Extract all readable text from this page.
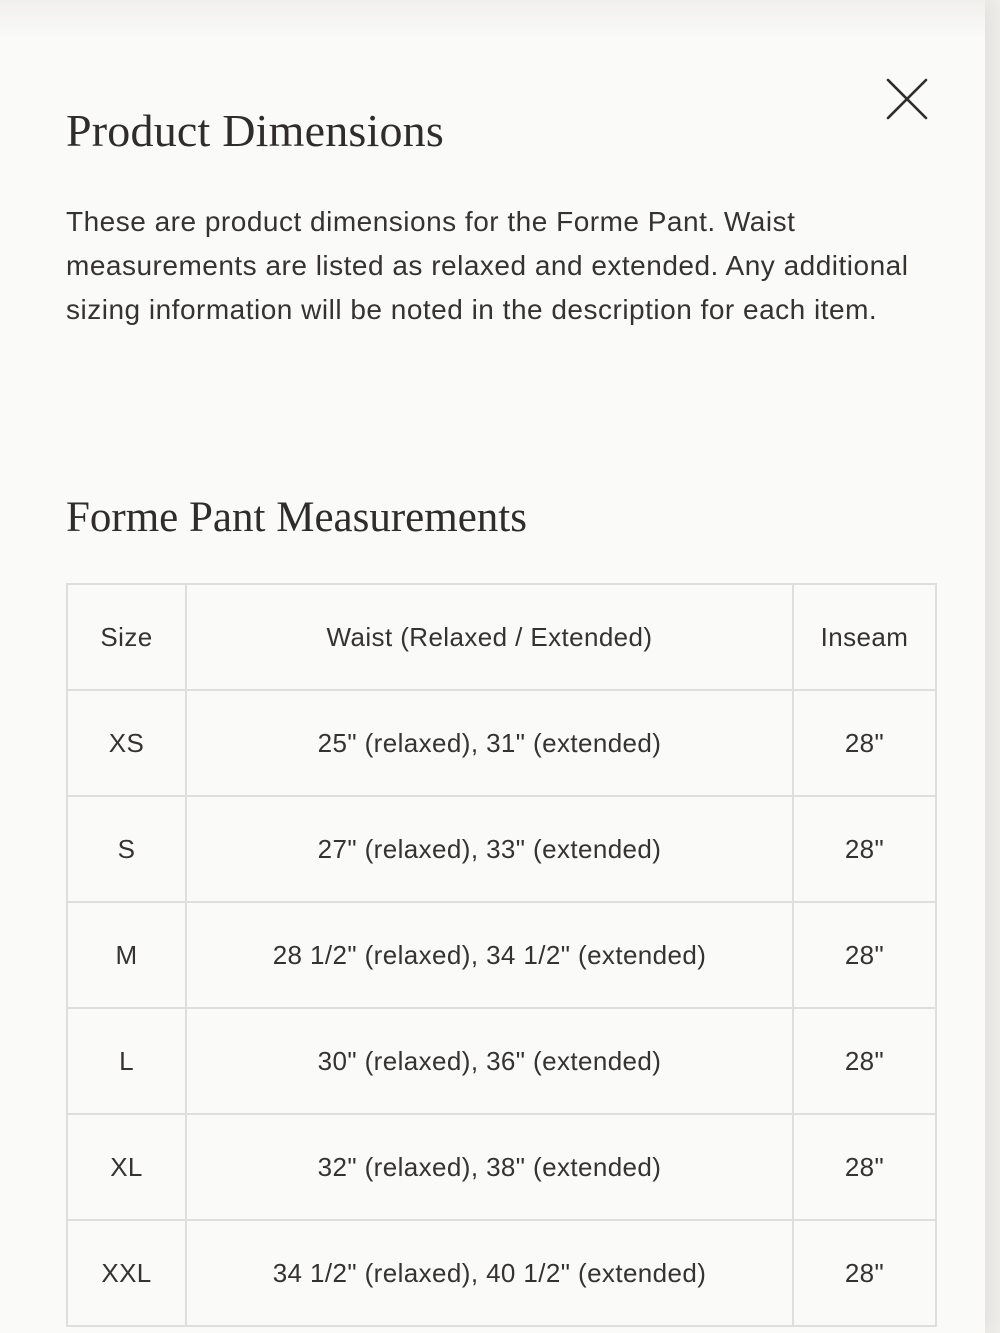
Product Dimensions

These are product dimensions for the Forme Pant. Waist measurements are listed as relaxed and extended. Any additional sizing information will be noted in the description for each item.

Forme Pant Measurements
Size	Waist (Relaxed / Extended)	Inseam
XS	25" (relaxed), 31" (extended)	28"
S	27" (relaxed), 33" (extended)	28"
M	28 1/2" (relaxed), 34 1/2" (extended)	28"
L	30" (relaxed), 36" (extended)	28"
XL	32" (relaxed), 38" (extended)	28"
XXL	34 1/2" (relaxed), 40 1/2" (extended)	28"
